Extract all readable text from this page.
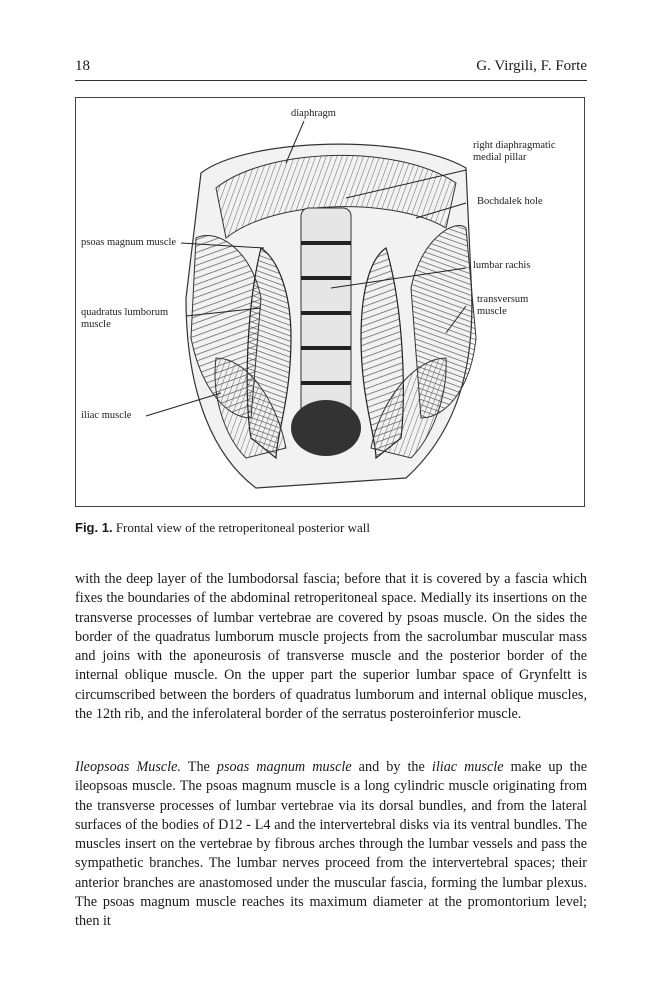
18	G. Virgili, F. Forte
diaphragm
right diaphragmatic
medial pillar
Bochdalek hole
psoas magnum muscle
lumbar rachis
quadratus lumborum
muscle
transversum
muscle
iliac muscle
Fig. 1. Frontal view of the retroperitoneal posterior wall

with the deep layer of the lumbodorsal fascia; before that it is covered by a fascia which fixes the boundaries of the abdominal retroperitoneal space. Medially its insertions on the transverse processes of lumbar vertebrae are covered by psoas muscle. On the sides the border of the quadratus lumborum muscle projects from the sacrolumbar muscular mass and joins with the aponeurosis of transverse muscle and the posterior border of the internal oblique muscle. On the upper part the superior lumbar space of Grynfeltt is circumscribed between the borders of quadratus lumborum and internal oblique muscles, the 12th rib, and the inferolateral border of the serratus posteroinferior muscle.

Ileopsoas Muscle. The psoas magnum muscle and by the iliac muscle make up the ileopsoas muscle. The psoas magnum muscle is a long cylindric muscle originating from the transverse processes of lumbar vertebrae via its dorsal bundles, and from the lateral surfaces of the bodies of D12 - L4 and the intervertebral disks via its ventral bundles. The muscles insert on the vertebrae by fibrous arches through the lumbar vessels and pass the sympathetic branches. The lumbar nerves proceed from the intervertebral spaces; their anterior branches are anastomosed under the muscular fascia, forming the lumbar plexus. The psoas magnum muscle reaches its maximum diameter at the promontorium level; then it
